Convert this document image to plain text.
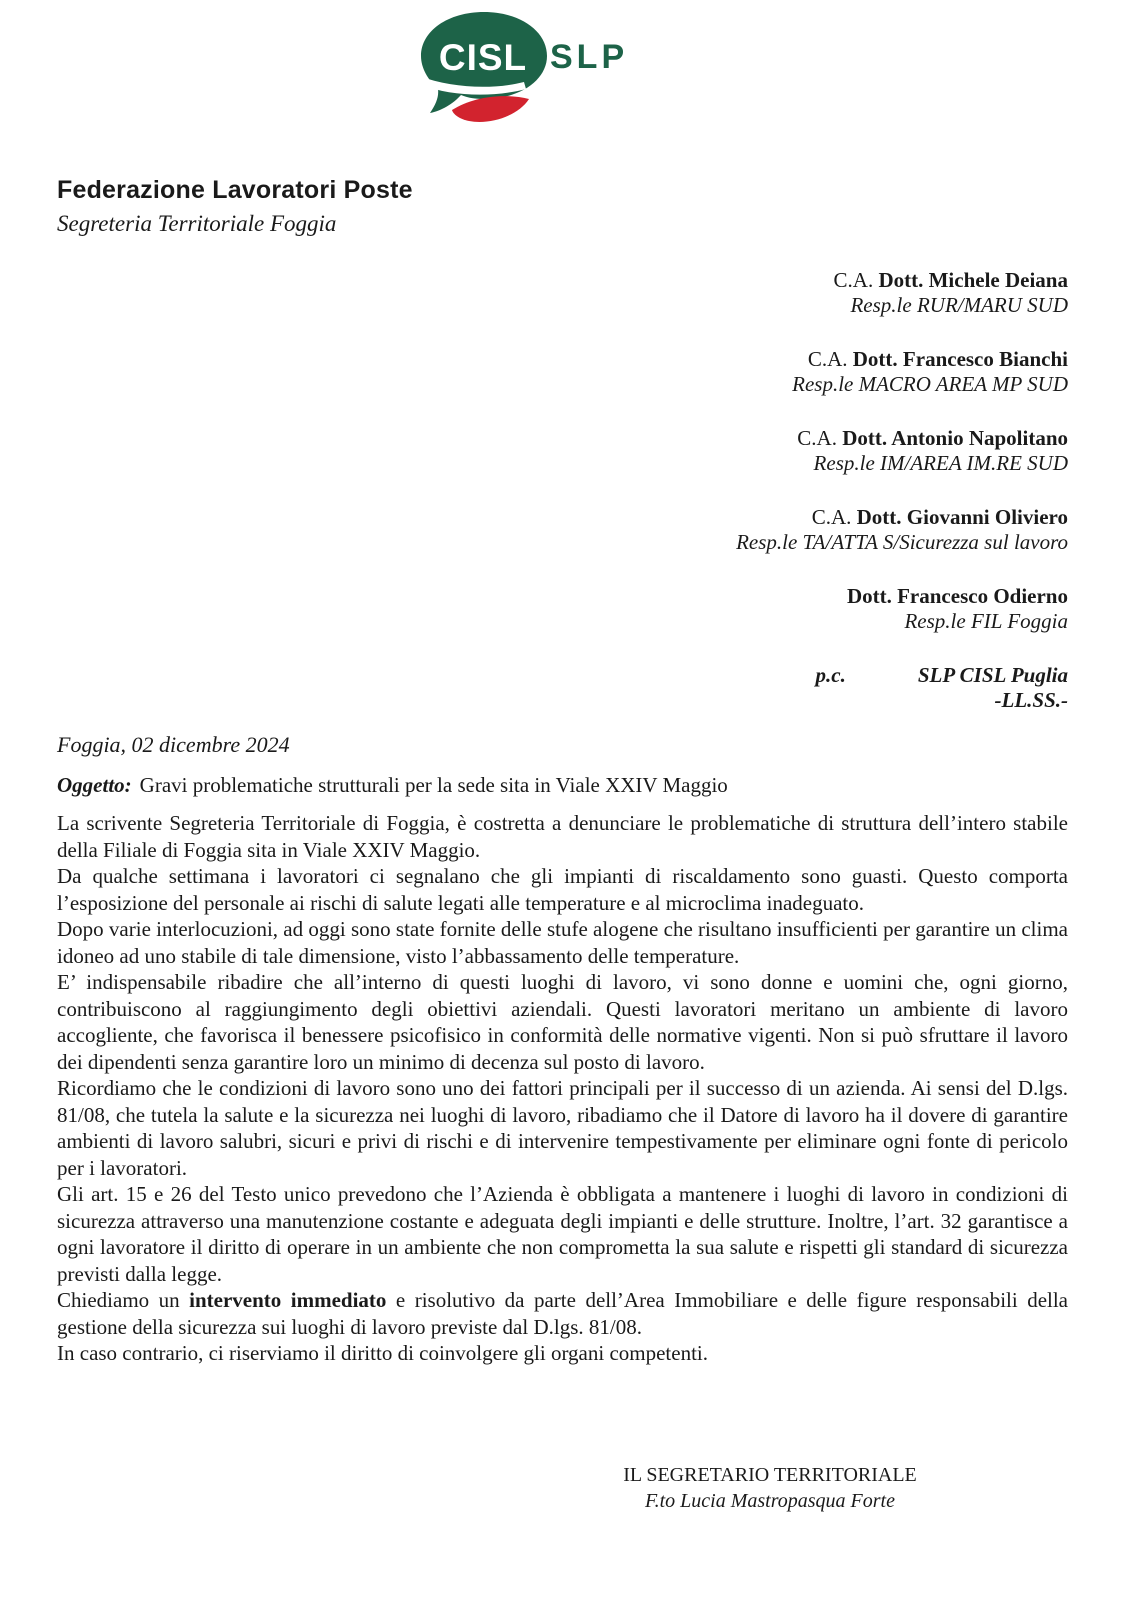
CISL SLP
Federazione Lavoratori Poste
Segreteria Territoriale Foggia
C.A. Dott. Michele Deiana
Resp.le RUR/MARU SUD
C.A. Dott. Francesco Bianchi
Resp.le MACRO AREA MP SUD
C.A. Dott. Antonio Napolitano
Resp.le IM/AREA IM.RE SUD
C.A. Dott. Giovanni Oliviero
Resp.le TA/ATTA S/Sicurezza sul lavoro
Dott. Francesco Odierno
Resp.le FIL Foggia
p.c.	SLP CISL Puglia
-LL.SS.-
Foggia, 02 dicembre 2024
Oggetto: Gravi problematiche strutturali per la sede sita in Viale XXIV Maggio

La scrivente Segreteria Territoriale di Foggia, è costretta a denunciare le problematiche di struttura dell’intero stabile della Filiale di Foggia sita in Viale XXIV Maggio.

Da qualche settimana i lavoratori ci segnalano che gli impianti di riscaldamento sono guasti. Questo comporta l’esposizione del personale ai rischi di salute legati alle temperature e al microclima inadeguato.

Dopo varie interlocuzioni, ad oggi sono state fornite delle stufe alogene che risultano insufficienti per garantire un clima idoneo ad uno stabile di tale dimensione, visto l’abbassamento delle temperature.

E’ indispensabile ribadire che all’interno di questi luoghi di lavoro, vi sono donne e uomini che, ogni giorno, contribuiscono al raggiungimento degli obiettivi aziendali. Questi lavoratori meritano un ambiente di lavoro accogliente, che favorisca il benessere psicofisico in conformità delle normative vigenti. Non si può sfruttare il lavoro dei dipendenti senza garantire loro un minimo di decenza sul posto di lavoro.

Ricordiamo che le condizioni di lavoro sono uno dei fattori principali per il successo di un azienda. Ai sensi del D.lgs. 81/08, che tutela la salute e la sicurezza nei luoghi di lavoro, ribadiamo che il Datore di lavoro ha il dovere di garantire ambienti di lavoro salubri, sicuri e privi di rischi e di intervenire tempestivamente per eliminare ogni fonte di pericolo per i lavoratori.

Gli art. 15 e 26 del Testo unico prevedono che l’Azienda è obbligata a mantenere i luoghi di lavoro in condizioni di sicurezza attraverso una manutenzione costante e adeguata degli impianti e delle strutture. Inoltre, l’art. 32 garantisce a ogni lavoratore il diritto di operare in un ambiente che non comprometta la sua salute e rispetti gli standard di sicurezza previsti dalla legge.

Chiediamo un intervento immediato e risolutivo da parte dell’Area Immobiliare e delle figure responsabili della gestione della sicurezza sui luoghi di lavoro previste dal D.lgs. 81/08.

In caso contrario, ci riserviamo il diritto di coinvolgere gli organi competenti.

IL SEGRETARIO TERRITORIALE
F.to Lucia Mastropasqua Forte
